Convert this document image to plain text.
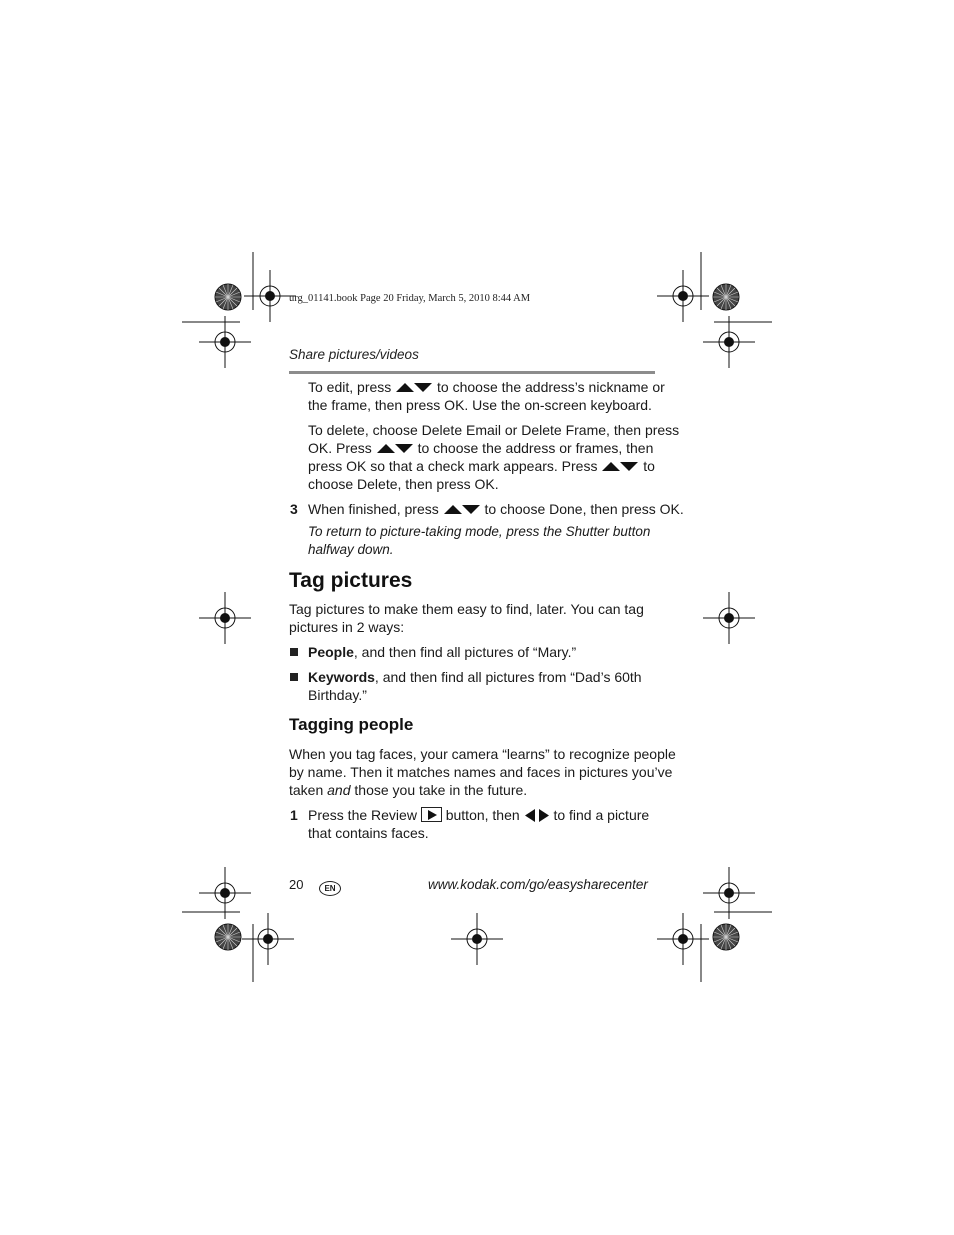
urg_01141.book Page 20 Friday, March 5, 2010 8:44 AM
Share pictures/videos
To edit, press	to choose the address’s nickname or
the frame, then press OK. Use the on-screen keyboard.
To delete, choose Delete Email or Delete Frame, then press
OK. Press	to choose the address or frames, then
press OK so that a check mark appears. Press	to
choose Delete, then press OK.
3 When finished, press	to choose Done, then press OK.
To return to picture-taking mode, press the Shutter button
halfway down.
Tag pictures
Tag pictures to make them easy to find, later. You can tag
pictures in 2 ways:
People, and then find all pictures of “Mary.”
Keywords, and then find all pictures from “Dad’s 60th
Birthday.”
Tagging people
When you tag faces, your camera “learns” to recognize people
by name. Then it matches names and faces in pictures you’ve
taken and those you take in the future.
1 Press the Review button, then to find a picture
that contains faces.
20	EN	www.kodak.com/go/easysharecenter
